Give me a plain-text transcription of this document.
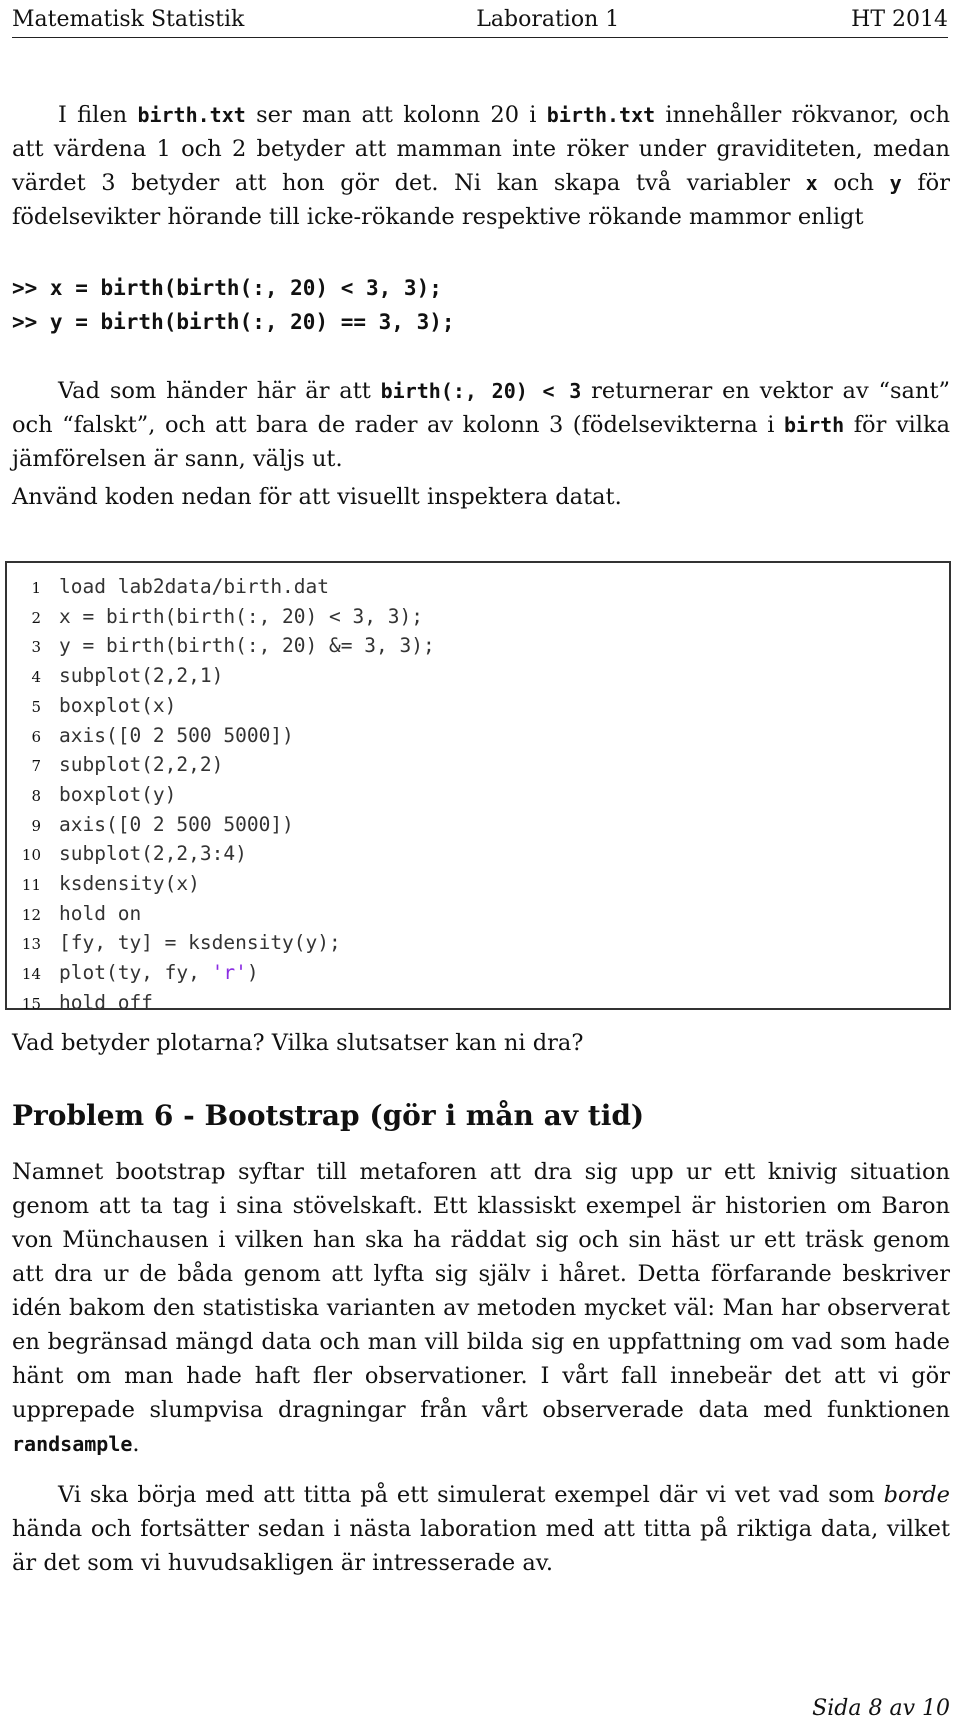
Matematisk Statistik	Laboration 1	HT 2014
I filen birth.txt ser man att kolonn 20 i birth.txt innehåller rökvanor, och att värdena 1 och 2 betyder att mamman inte röker under graviditeten, medan värdet 3 betyder att hon gör det. Ni kan skapa två variabler x och y för födelsevikter hörande till icke-rökande respektive rökande mammor enligt
>> x = birth(birth(:, 20) < 3, 3);
>> y = birth(birth(:, 20) == 3, 3);
Vad som händer här är att birth(:, 20) < 3 returnerar en vektor av “sant” och “falskt”, och att bara de rader av kolonn 3 (födelsevikterna i birth för vilka jämförelsen är sann, väljs ut.
Använd koden nedan för att visuellt inspektera datat.
1 load lab2data/birth.dat
2 x = birth(birth(:, 20) < 3, 3);
3 y = birth(birth(:, 20) &= 3, 3);
4 subplot(2,2,1)
5 boxplot(x)
6 axis([0 2 500 5000])
7 subplot(2,2,2)
8 boxplot(y)
9 axis([0 2 500 5000])
10 subplot(2,2,3:4)
11 ksdensity(x)
12 hold on
13 [fy, ty] = ksdensity(y);
14 plot(ty, fy, 'r')
15 hold off
Vad betyder plotarna? Vilka slutsatser kan ni dra?
Problem 6 - Bootstrap (gör i mån av tid)
Namnet bootstrap syftar till metaforen att dra sig upp ur ett knivig situation genom att ta tag i sina stövelskaft. Ett klassiskt exempel är historien om Baron von Münchausen i vilken han ska ha räddat sig och sin häst ur ett träsk genom att dra ur de båda genom att lyfta sig själv i håret. Detta förfarande beskriver idén bakom den statistiska varianten av metoden mycket väl: Man har observerat en begränsad mängd data och man vill bilda sig en uppfattning om vad som hade hänt om man hade haft fler observationer. I vårt fall innebeär det att vi gör upprepade slumpvisa dragningar från vårt observerade data med funktionen randsample.
Vi ska börja med att titta på ett simulerat exempel där vi vet vad som borde hända och fortsätter sedan i nästa laboration med att titta på riktiga data, vilket är det som vi huvudsakligen är intresserade av.
Sida 8 av 10
